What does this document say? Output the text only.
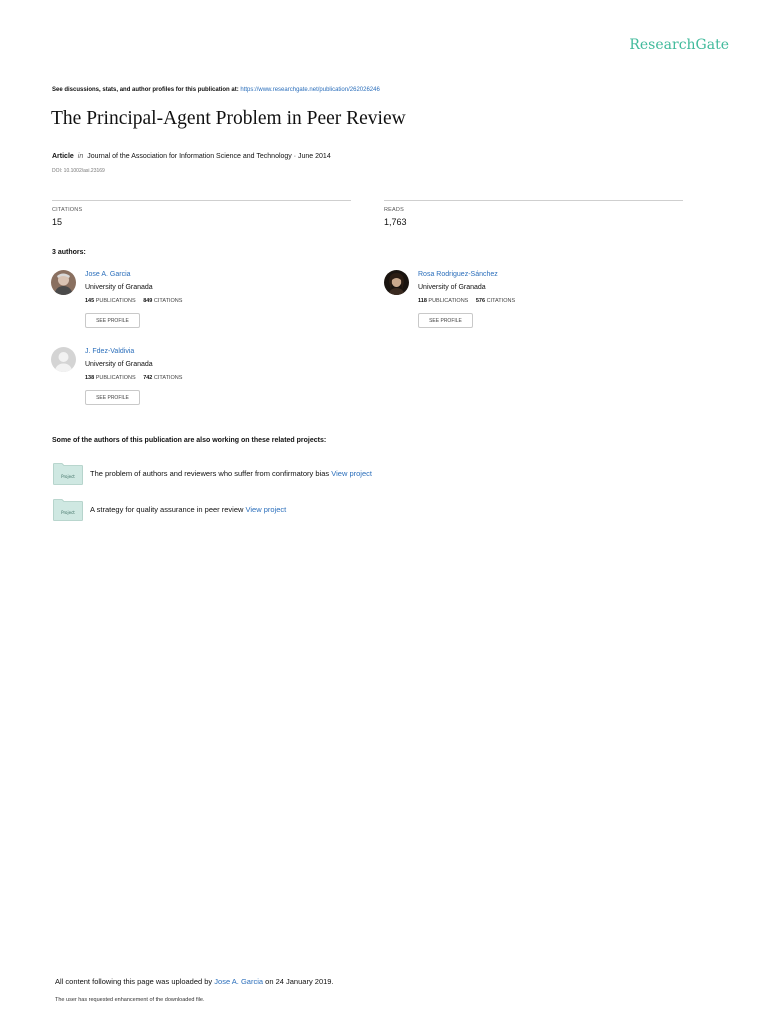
ResearchGate
See discussions, stats, and author profiles for this publication at: https://www.researchgate.net/publication/262026246
The Principal-Agent Problem in Peer Review
Article in Journal of the Association for Information Science and Technology · June 2014
DOI: 10.1002/asi.23169
CITATIONS
15
READS
1,763
3 authors:
Jose A. Garcia
University of Granada
145 PUBLICATIONS 849 CITATIONS
SEE PROFILE
Rosa Rodriguez-Sánchez
University of Granada
118 PUBLICATIONS 576 CITATIONS
SEE PROFILE
J. Fdez-Valdivia
University of Granada
138 PUBLICATIONS 742 CITATIONS
SEE PROFILE
Some of the authors of this publication are also working on these related projects:
Project The problem of authors and reviewers who suffer from confirmatory bias View project
Project A strategy for quality assurance in peer review View project
All content following this page was uploaded by Jose A. Garcia on 24 January 2019.
The user has requested enhancement of the downloaded file.
